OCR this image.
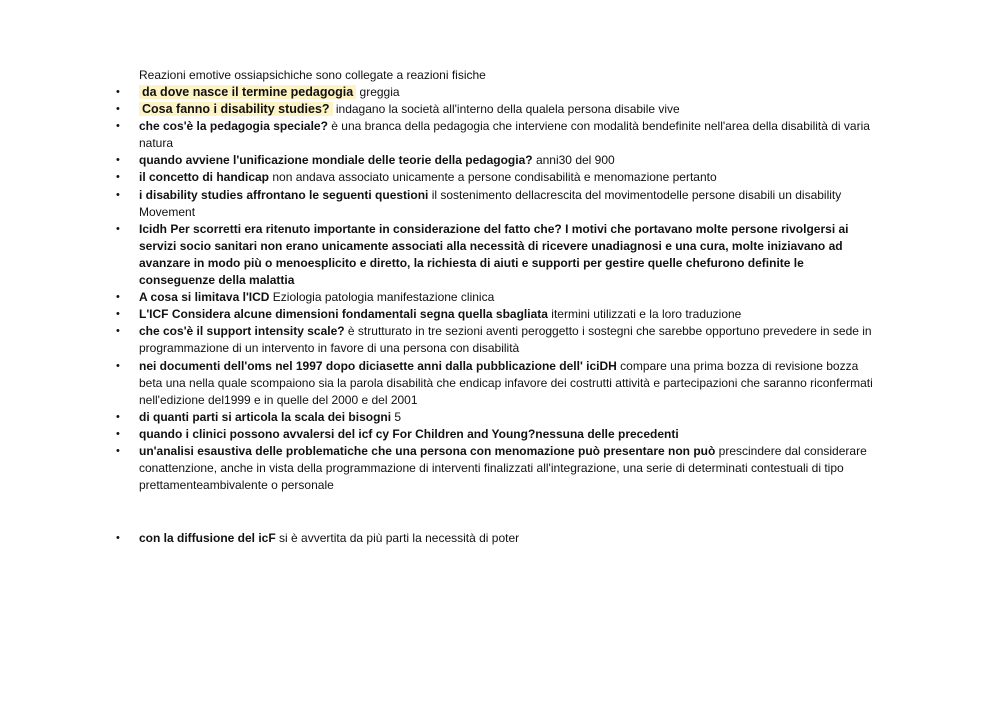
Reazioni emotive ossiapsichiche sono collegate a reazioni fisiche
• da dove nasce il termine pedagogia greggia
• Cosa fanno i disability studies? indagano la società all'interno della qualela persona disabile vive
• che cos'è la pedagogia speciale? è una branca della pedagogia che interviene con modalità bendefinite nell'area della disabilità di varia natura
• quando avviene l'unificazione mondiale delle teorie della pedagogia? anni30 del 900
• il concetto di handicap non andava associato unicamente a persone condisabilità e menomazione pertanto
• i disability studies affrontano le seguenti questioni il sostenimento dellacrescita del movimentodelle persone disabili un disability Movement
• Icidh Per scorretti era ritenuto importante in considerazione del fatto che? I motivi che portavano molte persone rivolgersi ai servizi socio sanitari non erano unicamente associati alla necessità di ricevere unadiagnosi e una cura, molte iniziavano ad avanzare in modo più o menoesplicito e diretto, la richiesta di aiuti e supporti per gestire quelle chefurono definite le conseguenze della malattia
• A cosa si limitava l'ICD Eziologia patologia manifestazione clinica
• L'ICF Considera alcune dimensioni fondamentali segna quella sbagliata itermini utilizzati e la loro traduzione
• che cos'è il support intensity scale? è strutturato in tre sezioni aventi peroggetto i sostegni che sarebbe opportuno prevedere in sede in programmazione di un intervento in favore di una persona con disabilità
• nei documenti dell'oms nel 1997 dopo diciasette anni dalla pubblicazione dell' iciDH compare una prima bozza di revisione bozza beta una nella quale scompaiono sia la parola disabilità che endicap infavore dei costrutti attività e partecipazioni che saranno riconfermati nell'edizione del1999 e in quelle del 2000 e del 2001
• di quanti parti si articola la scala dei bisogni 5
• quando i clinici possono avvalersi del icf cy For Children and Young?nessuna delle precedenti
• un'analisi esaustiva delle problematiche che una persona con menomazione può presentare non può prescindere dal considerare conattenzione, anche in vista della programmazione di interventi finalizzati all'integrazione, una serie di determinati contestuali di tipo prettamenteambivalente o personale
• con la diffusione del icF si è avvertita da più parti la necessità di poter
